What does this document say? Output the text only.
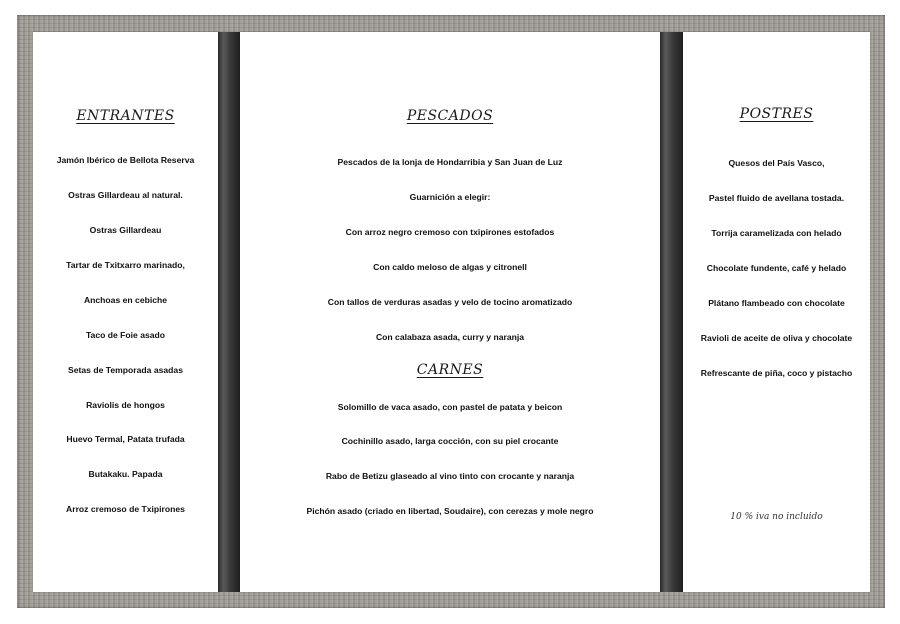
ENTRANTES
Jamón Ibérico de Bellota Reserva
Ostras Gillardeau al natural.
Ostras Gillardeau
Tartar de Txitxarro marinado,
Anchoas en cebiche
Taco de Foie asado
Setas de Temporada asadas
Raviolis de hongos
Huevo Termal, Patata trufada
Butakaku. Papada
Arroz cremoso de Txipirones
PESCADOS
Pescados de la lonja de Hondarribia y San Juan de Luz
Guarnición a elegir:
Con arroz negro cremoso con txipirones estofados
Con caldo meloso de algas y citronell
Con tallos de verduras asadas y velo de tocino aromatizado
Con calabaza asada, curry y naranja
CARNES
Solomillo de vaca asado, con pastel de patata y beicon
Cochinillo asado, larga cocción, con su piel crocante
Rabo de Betizu glaseado al vino tinto con crocante y naranja
Pichón asado (criado en libertad, Soudaire), con cerezas y mole negro
POSTRES
Quesos del País Vasco,
Pastel fluido de avellana tostada.
Torrija caramelizada con helado
Chocolate fundente, café y helado
Plátano flambeado con chocolate
Ravioli de aceite de oliva y chocolate
Refrescante de piña, coco y pistacho
10 % iva no incluido
